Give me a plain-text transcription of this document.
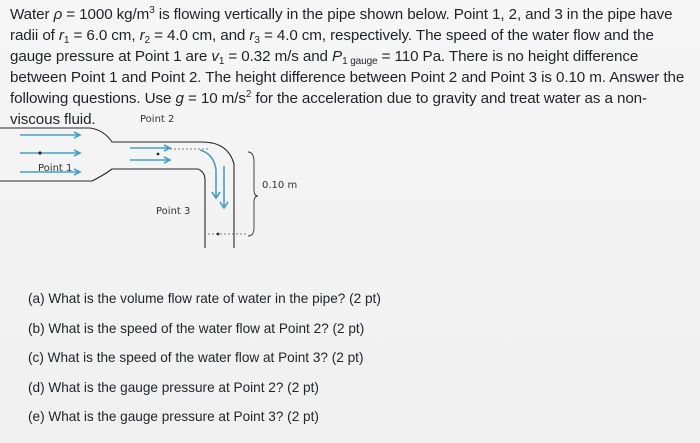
Water ρ = 1000 $kg/m^3$ is flowing vertically in the pipe shown below. Point 1, 2, and 3 in the pipe have radii of $r_1 = 6.0$ cm, $r_2 = 4.0$ cm, and $r_3 = 4.0$ cm, respectively. The speed of the water flow and the gauge pressure at Point 1 are $v_1 = 0.32$ m/s and $P_{1 gauge} = 110$ Pa. There is no height difference between Point 1 and Point 2. The height difference between Point 2 and Point 3 is 0.10 m. Answer the following questions. Use g = 10 $m/s^2$ for the acceleration due to gravity and treat water as a non-viscous fluid.	Point 2
Point 1
Point 3
0.10 m
(a) What is the volume flow rate of water in the pipe? (2 pt)
(b) What is the speed of the water flow at Point 2? (2 pt)
(c) What is the speed of the water flow at Point 3? (2 pt)
(d) What is the gauge pressure at Point 2? (2 pt)
(e) What is the gauge pressure at Point 3? (2 pt)
